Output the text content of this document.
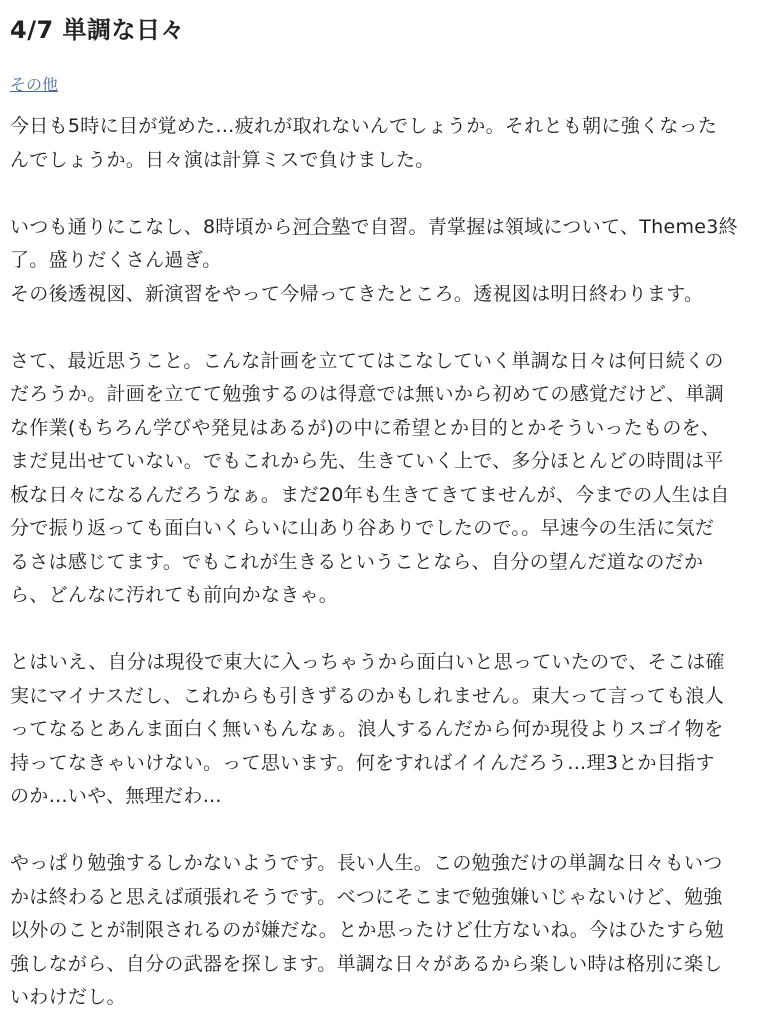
4/7 単調な日々
その他

今日も5時に目が覚めた…疲れが取れないんでしょうか。それとも朝に強くなった
んでしょうか。日々演は計算ミスで負けました。

いつも通りにこなし、8時頃から河合塾で自習。青掌握は領域について、Theme3終
了。盛りだくさん過ぎ。
その後透視図、新演習をやって今帰ってきたところ。透視図は明日終わります。

さて、最近思うこと。こんな計画を立ててはこなしていく単調な日々は何日続くの
だろうか。計画を立てて勉強するのは得意では無いから初めての感覚だけど、単調
な作業(もちろん学びや発見はあるが)の中に希望とか目的とかそういったものを、
まだ見出せていない。でもこれから先、生きていく上で、多分ほとんどの時間は平
板な日々になるんだろうなぁ。まだ20年も生きてきてませんが、今までの人生は自
分で振り返っても面白いくらいに山あり谷ありでしたので。。早速今の生活に気だ
るさは感じてます。でもこれが生きるということなら、自分の望んだ道なのだか
ら、どんなに汚れても前向かなきゃ。

とはいえ、自分は現役で東大に入っちゃうから面白いと思っていたので、そこは確
実にマイナスだし、これからも引きずるのかもしれません。東大って言っても浪人
ってなるとあんま面白く無いもんなぁ。浪人するんだから何か現役よりスゴイ物を
持ってなきゃいけない。って思います。何をすればイイんだろう…理3とか目指す
のか…いや、無理だわ…

やっぱり勉強するしかないようです。長い人生。この勉強だけの単調な日々もいつ
かは終わると思えば頑張れそうです。べつにそこまで勉強嫌いじゃないけど、勉強
以外のことが制限されるのが嫌だな。とか思ったけど仕方ないね。今はひたすら勉
強しながら、自分の武器を探します。単調な日々があるから楽しい時は格別に楽し
いわけだし。
